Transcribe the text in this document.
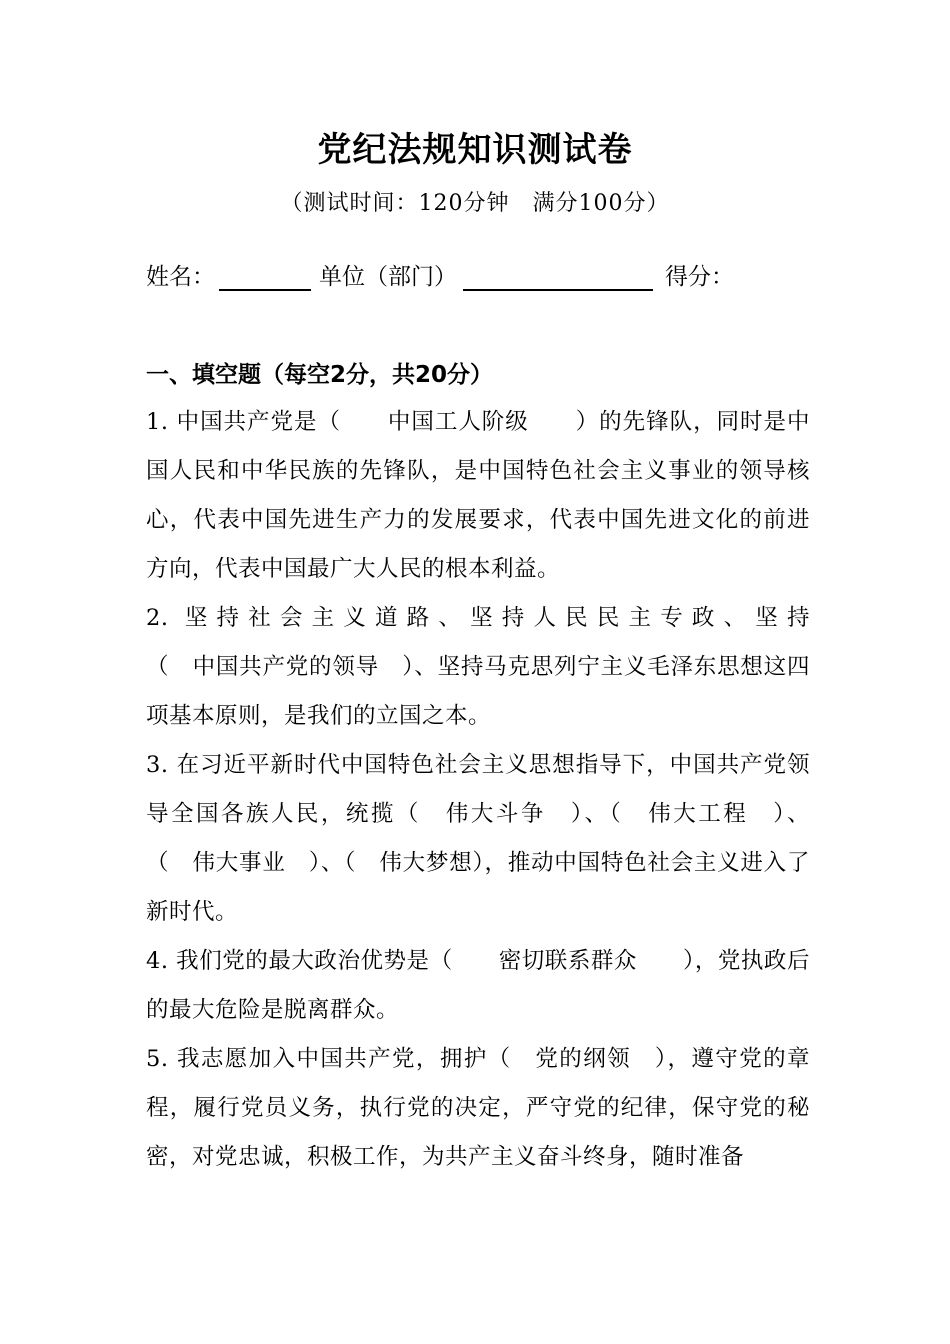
党纪法规知识测试卷
（测试时间：120分钟　满分100分）
姓名：	单位（部门）	得分：
一、填空题（每空2分，共20分）

1. 中国共产党是（　　中国工人阶级　　）的先锋队，同时是中国人民和中华民族的先锋队，是中国特色社会主义事业的领导核心，代表中国先进生产力的发展要求，代表中国先进文化的前进方向，代表中国最广大人民的根本利益。

2. 坚持社会主义道路、坚持人民民主专政、坚持（　中国共产党的领导　）、坚持马克思列宁主义毛泽东思想这四项基本原则，是我们的立国之本。

3. 在习近平新时代中国特色社会主义思想指导下，中国共产党领导全国各族人民，统揽（　伟大斗争　）、（　伟大工程　）、（　伟大事业　）、（　伟大梦想），推动中国特色社会主义进入了新时代。

4. 我们党的最大政治优势是（　　密切联系群众　　），党执政后的最大危险是脱离群众。

5. 我志愿加入中国共产党，拥护（　党的纲领　），遵守党的章程，履行党员义务，执行党的决定，严守党的纪律，保守党的秘密，对党忠诚，积极工作，为共产主义奋斗终身，随时准备
